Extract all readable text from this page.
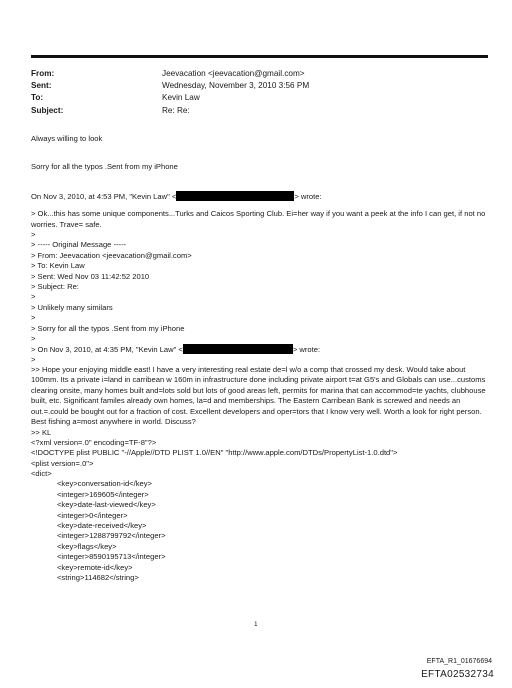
From:	Jeevacation <jeevacation@gmail.com>
Sent:	Wednesday, November 3, 2010 3:56 PM
To:	Kevin Law
Subject:	Re: Re:
Always willing to look
Sorry for all the typos .Sent from my iPhone
On Nov 3, 2010, at 4:53 PM, "Kevin Law" <	> wrote:
> Ok...this has some unique components...Turks and Caicos Sporting Club. Ei=her way if you want a peek at the info I can get, if not no worries. Trave= safe.
>
> ----- Original Message -----
> From: Jeevacation <jeevacation@gmail.com>
> To: Kevin Law
> Sent: Wed Nov 03 11:42:52 2010
> Subject: Re:
>
> Unlikely many similars
>
> Sorry for all the typos .Sent from my iPhone
>
> On Nov 3, 2010, at 4:35 PM, "Kevin Law" <	> wrote:
>
>> Hope your enjoying middle east! I have a very interesting real estate de=l w/o a comp that crossed my desk. Would take about 100mm. Its a private i=land in carribean w 160m in infrastructure done including private airport t=at G5's and Globals can use...customs clearing onsite, many homes built and=lots sold but lots of good areas left, permits for marina that can accommod=te yachts, clubhouse built, etc. Significant familes already own homes, la=d and memberships. The Eastern Carribean Bank is screwed and needs an out.=.could be bought out for a fraction of cost. Excellent developers and oper=tors that I know very well. Worth a look for right person. Best fishing a=most anywhere in world. Discuss?
>> KL
<?xml version=.0" encoding=TF-8"?>
<!DOCTYPE plist PUBLIC "-//Apple//DTD PLIST 1.0//EN" "http://www.apple.com/DTDs/PropertyList-1.0.dtd">
<plist version=.0">
<dict>
<key>conversation-id</key>
<integer>169605</integer>
<key>date-last-viewed</key>
<integer>0</integer>
<key>date-received</key>
<integer>1288799792</integer>
<key>flags</key>
<integer>8590195713</integer>
<key>remote-id</key>
<string>114682</string>
1
EFTA_R1_01676694
EFTA02532734
